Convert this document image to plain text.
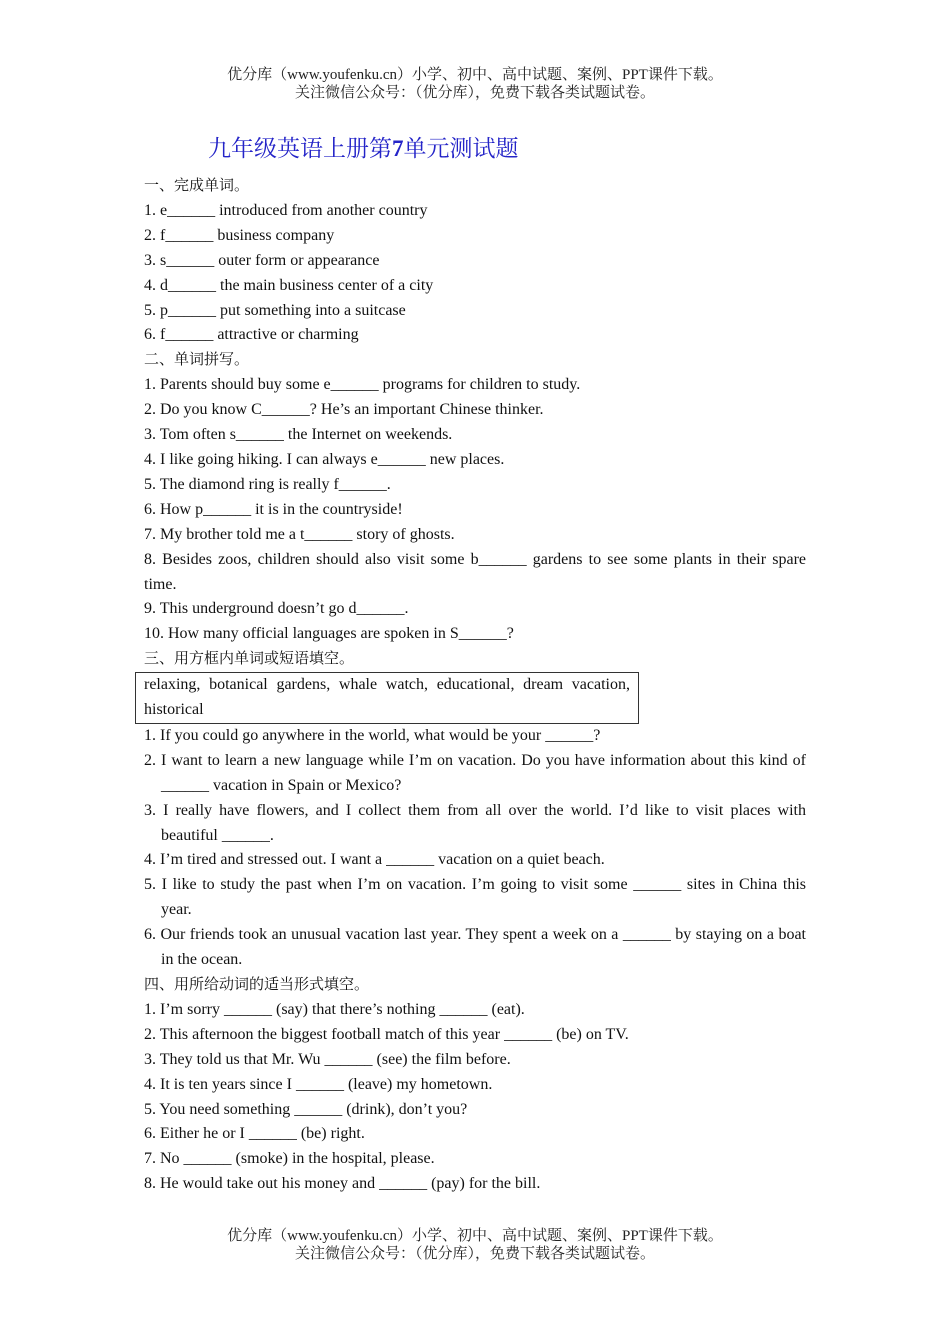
优分库（www.youfenku.cn）小学、初中、高中试题、案例、PPT课件下载。
关注微信公众号：（优分库），免费下载各类试题试卷。
九年级英语上册第7单元测试题
一、完成单词。
1. e______ introduced from another country
2. f______ business company
3. s______ outer form or appearance
4. d______ the main business center of a city
5. p______ put something into a suitcase
6. f______ attractive or charming
二、单词拼写。
1. Parents should buy some e______ programs for children to study.
2. Do you know C______? He’s an important Chinese thinker.
3. Tom often s______ the Internet on weekends.
4. I like going hiking. I can always e______ new places.
5. The diamond ring is really f______.
6. How p______ it is in the countryside!
7. My brother told me a t______ story of ghosts.
8. Besides zoos, children should also visit some b______ gardens to see some plants in their spare time.
9. This underground doesn’t go d______.
10. How many official languages are spoken in S______?
三、用方框内单词或短语填空。
relaxing, botanical gardens, whale watch, educational, dream vacation, historical
1. If you could go anywhere in the world, what would be your ______?
2. I want to learn a new language while I’m on vacation. Do you have information about this kind of ______ vacation in Spain or Mexico?
3. I really have flowers, and I collect them from all over the world. I’d like to visit places with beautiful ______.
4. I’m tired and stressed out. I want a ______ vacation on a quiet beach.
5. I like to study the past when I’m on vacation. I’m going to visit some ______ sites in China this year.
6. Our friends took an unusual vacation last year. They spent a week on a ______ by staying on a boat in the ocean.
四、用所给动词的适当形式填空。
1. I’m sorry ______ (say) that there’s nothing ______ (eat).
2. This afternoon the biggest football match of this year ______ (be) on TV.
3. They told us that Mr. Wu ______ (see) the film before.
4. It is ten years since I ______ (leave) my hometown.
5. You need something ______ (drink), don’t you?
6. Either he or I ______ (be) right.
7. No ______ (smoke) in the hospital, please.
8. He would take out his money and ______ (pay) for the bill.
优分库（www.youfenku.cn）小学、初中、高中试题、案例、PPT课件下载。
关注微信公众号：（优分库），免费下载各类试题试卷。
